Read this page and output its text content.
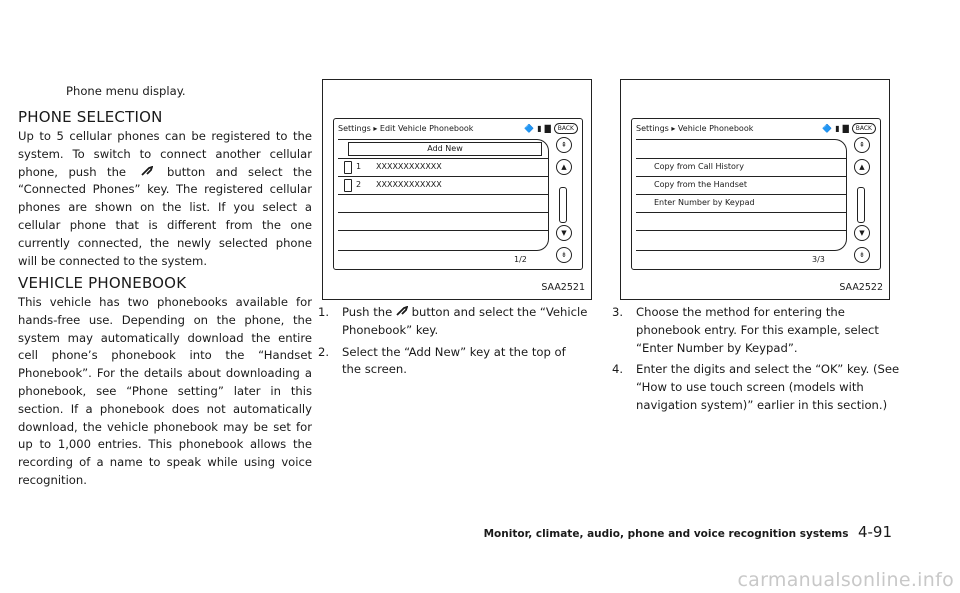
Phone menu display.
PHONE SELECTION

Up to 5 cellular phones can be registered to the system. To switch to connect another cellular phone, push the	button and select the “Connected Phones” key. The registered cellular phones are shown on the list. If you select a cellular phone that is different from the one currently connected, the newly selected phone will be connected to the system.

VEHICLE PHONEBOOK

This vehicle has two phonebooks available for hands-free use. Depending on the phone, the system may automatically download the entire cell phone’s phonebook into the “Handset Phonebook”. For the details about downloading a phonebook, see “Phone setting” later in this section. If a phonebook does not automatically download, the vehicle phonebook may be set for up to 1,000 entries. This phonebook allows the recording of a name to speak while using voice recognition.

Settings ▸ Edit Vehicle Phonebook	🔷 ▮ ▇	BACK
Add New
1 XXXXXXXXXXXX
2 XXXXXXXXXXXX
⇞
▲
▼
⇟
1/2
SAA2521
Settings ▸ Vehicle Phonebook	🔷 ▮ ▇	BACK
Copy from Call History
Copy from the Handset
Enter Number by Keypad
⇞
▲
▼
⇟
3/3
SAA2522

1. Push the button and select the “Vehicle Phonebook” key.

2. Select the “Add New” key at the top of the screen.

3. Choose the method for entering the phonebook entry. For this example, select “Enter Number by Keypad”.

4. Enter the digits and select the “OK” key. (See “How to use touch screen (models with navigation system)” earlier in this section.)

Monitor, climate, audio, phone and voice recognition systems 4-91
carmanualsonline.info
